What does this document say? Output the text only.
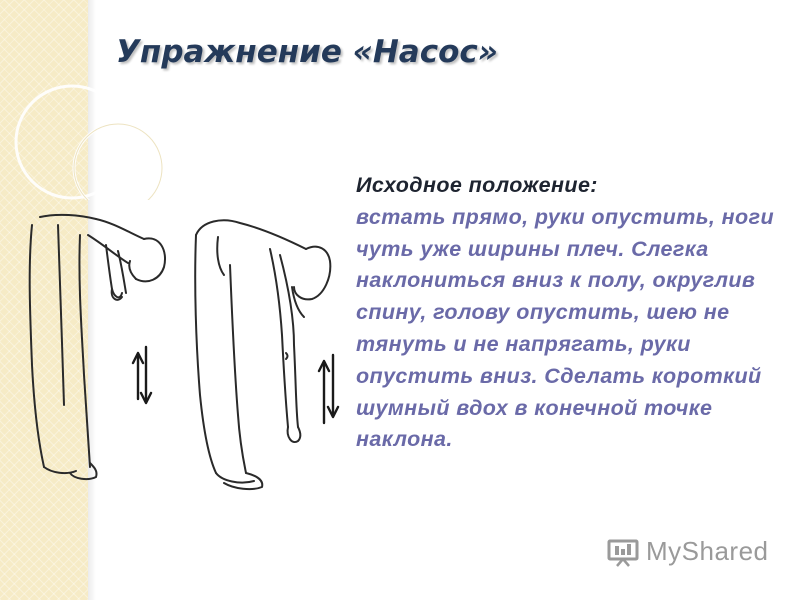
Упражнение «Насос»
Исходное положение:
встать прямо, руки опустить, ноги чуть уже ширины плеч. Слегка наклониться вниз к полу, округлив спину, голову опустить, шею не тянуть и не напрягать, руки опустить вниз. Сделать короткий шумный вдох в конечной точке наклона.
MyShared
